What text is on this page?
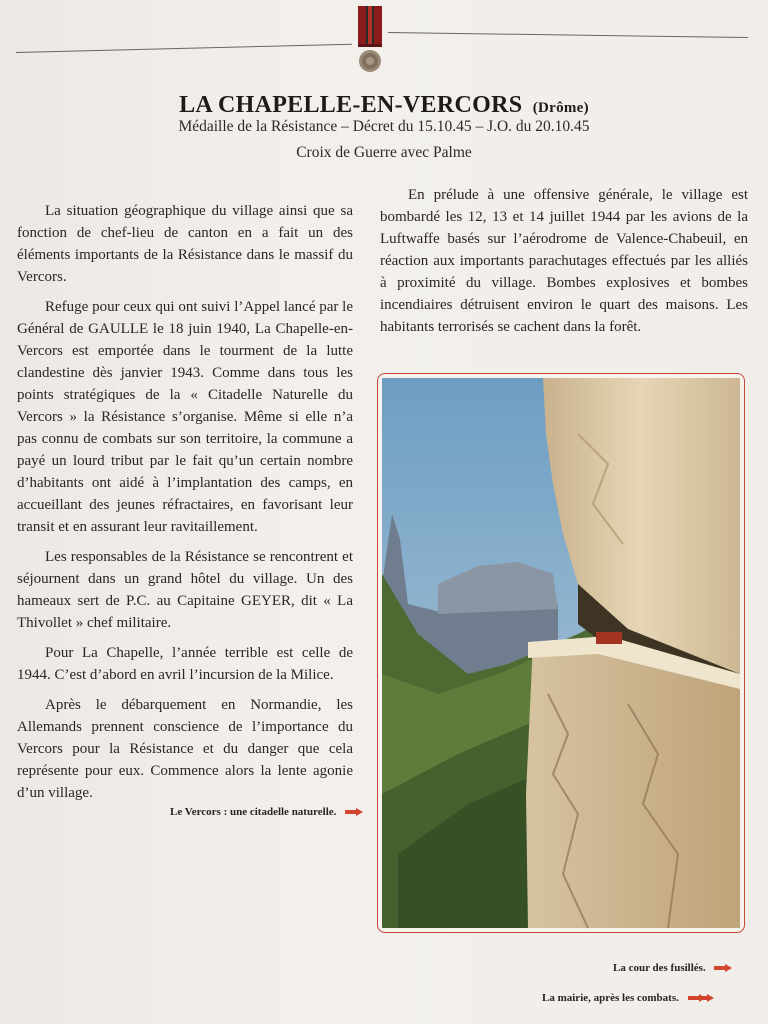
LA CHAPELLE-EN-VERCORS (Drôme)
Médaille de la Résistance – Décret du 15.10.45 – J.O. du 20.10.45
Croix de Guerre avec Palme

La situation géographique du village ainsi que sa fonction de chef-lieu de canton en a fait un des éléments importants de la Résistance dans le massif du Vercors.

Refuge pour ceux qui ont suivi l’Appel lancé par le Général de GAULLE le 18 juin 1940, La Chapelle-en-Vercors est emportée dans le tourment de la lutte clandestine dès janvier 1943. Comme dans tous les points stratégiques de la « Citadelle Naturelle du Vercors » la Résistance s’organise. Même si elle n’a pas connu de combats sur son territoire, la commune a payé un lourd tribut par le fait qu’un certain nombre d’habitants ont aidé à l’implantation des camps, en accueillant des jeunes réfractaires, en favorisant leur transit et en assurant leur ravitaillement.

Les responsables de la Résistance se rencontrent et séjournent dans un grand hôtel du village. Un des hameaux sert de P.C. au Capitaine GEYER, dit « La Thivollet » chef militaire.

Pour La Chapelle, l’année terrible est celle de 1944. C’est d’abord en avril l’incursion de la Milice.

Après le débarquement en Normandie, les Allemands prennent conscience de l’importance du Vercors pour la Résistance et du danger que cela représente pour eux. Commence alors la lente agonie d’un village.

En prélude à une offensive générale, le village est bombardé les 12, 13 et 14 juillet 1944 par les avions de la Luftwaffe basés sur l’aérodrome de Valence-Chabeuil, en réaction aux importants parachutages effectués par les alliés à proximité du village. Bombes explosives et bombes incendiaires détruisent environ le quart des maisons. Les habitants terrorisés se cachent dans la forêt.

Le Vercors : une citadelle naturelle.
La cour des fusillés.
La mairie, après les combats.
